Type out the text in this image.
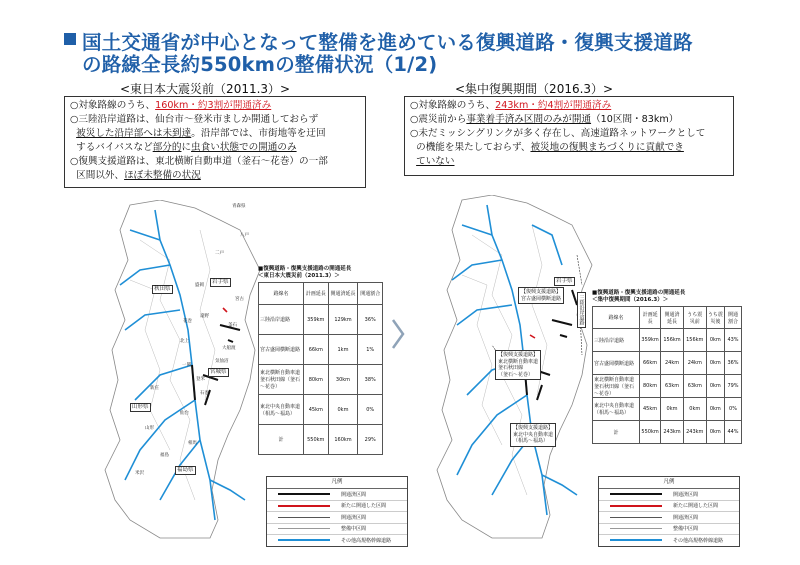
国土交通省が中心となって整備を進めている復興道路・復興支援道路
の路線全長約550kmの整備状況（1/2)
<東日本大震災前（2011.3）>	<集中復興期間（2016.3）>
○対象路線のうち、160km・約3割が開通済み
○三陸沿岸道路は、仙台市～登米市ましか開通しておらず
被災した沿岸部へは未到達。沿岸部では、市街地等を迂回
するバイパスなど部分的に虫食い状態での開通のみ
○復興支援道路は、東北横断自動車道（釜石～花巻）の一部
区間以外、ほぼ未整備の状況
○対象路線のうち、243km・約4割が開通済み
○震災前から事業着手済み区間のみが開通（10区間・83km）
○未だミッシングリンクが多く存在し、高速道路ネットワークとして
の機能を果たしておらず、被災地の復興まちづくりに貢献でき
ていない
秋田県
岩手県
宮城県
山形県
福島県
青森県
八戸
二戸
盛岡
遠野
花巻
北上
釜石
大船渡
気仙沼
一関
宮古
登米
石巻
仙台
相馬
福島
山形
新庄
米沢
■復興道路・復興支援道路の開通延長
＜東日本大震災前（2011.3）＞
路線名	計画延長	開通済延長	開通割合
三陸沿岸道路	359km	129km	36%
宮古盛岡横断道路	66km	1km	1%
東北横断自動車道釜石秋田線（釜石～花巻）	80km	30km	38%
東北中央自動車道（相馬～福島）	45km	0km	0%
計	550km	160km	29%
【復興支援道路】
宮古盛岡横断道路	三陸沿岸道路
【復興支援道路】
東北横断自動車道
釜石秋田線
（釜石～花巻）
【復興支援道路】
東北中央自動車道
（相馬～福島）
岩手県
■復興道路・復興支援道路の開通延長
＜集中復興期間（2016.3）＞
路線名	計画延長	開通済延長	うち震災前	うち震災後	開通割合
三陸沿岸道路	359km	156km	156km	0km	43%
宮古盛岡横断道路	66km	24km	24km	0km	36%
東北横断自動車道釜石秋田線（釜石～花巻）	80km	63km	63km	0km	79%
東北中央自動車道（相馬～福島）	45km	0km	0km	0km	0%
計	550km	243km	243km	0km	44%
凡例
開通済区間
新たに開通した区間
開通済区間
整備中区間
その他高規格幹線道路
凡例
開通済区間
新たに開通した区間
開通済区間
整備中区間
その他高規格幹線道路
